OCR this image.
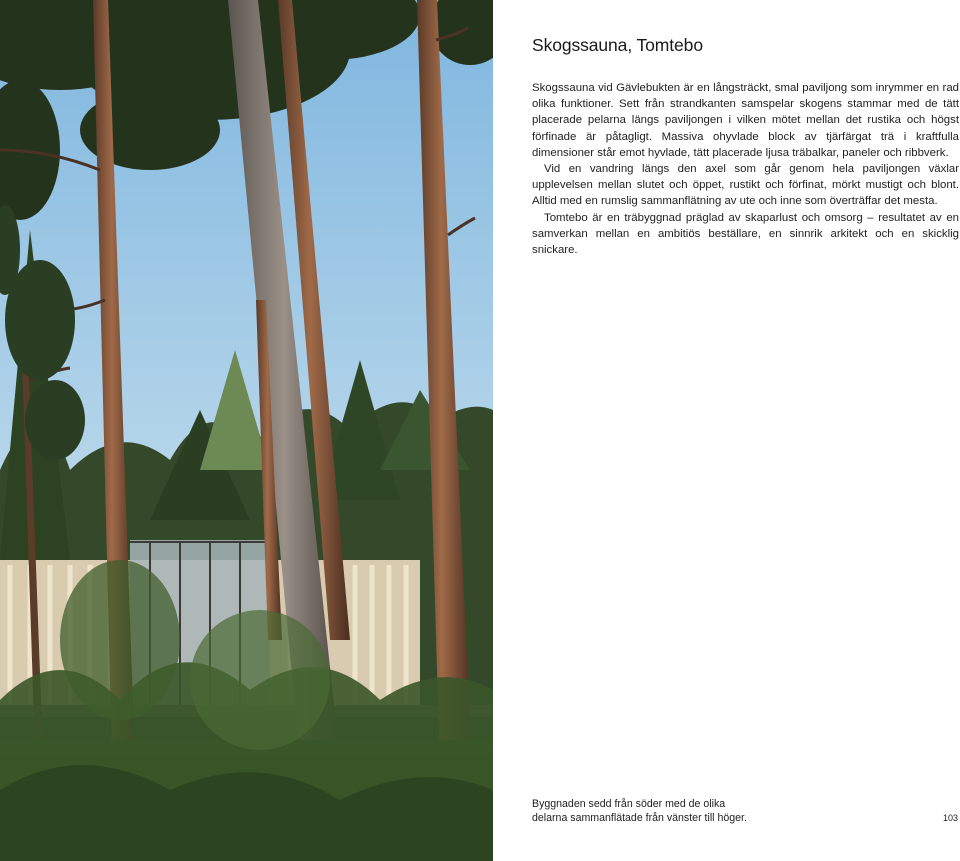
Skogssauna, Tomtebo

Skogssauna vid Gävlebukten är en långsträckt, smal paviljong som inrymmer en rad olika funktioner. Sett från strandkanten samspelar skogens stammar med de tätt placerade pelarna längs paviljongen i vilken mötet mellan det rustika och högst förfinade är påtagligt. Massiva ohyvlade block av tjärfärgat trä i kraftfulla dimensioner står emot hyvlade, tätt placerade ljusa träbalkar, paneler och ribbverk.

Vid en vandring längs den axel som går genom hela paviljongen växlar upplevelsen mellan slutet och öppet, rustikt och förfinat, mörkt mustigt och blont. Alltid med en rumslig sammanflätning av ute och inne som överträffar det mesta.

Tomtebo är en träbyggnad präglad av skaparlust och omsorg – resultatet av en samverkan mellan en ambitiös beställare, en sinnrik arkitekt och en skicklig snickare.

Byggnaden sedd från söder med de olika
delarna sammanflätade från vänster till höger.	103
